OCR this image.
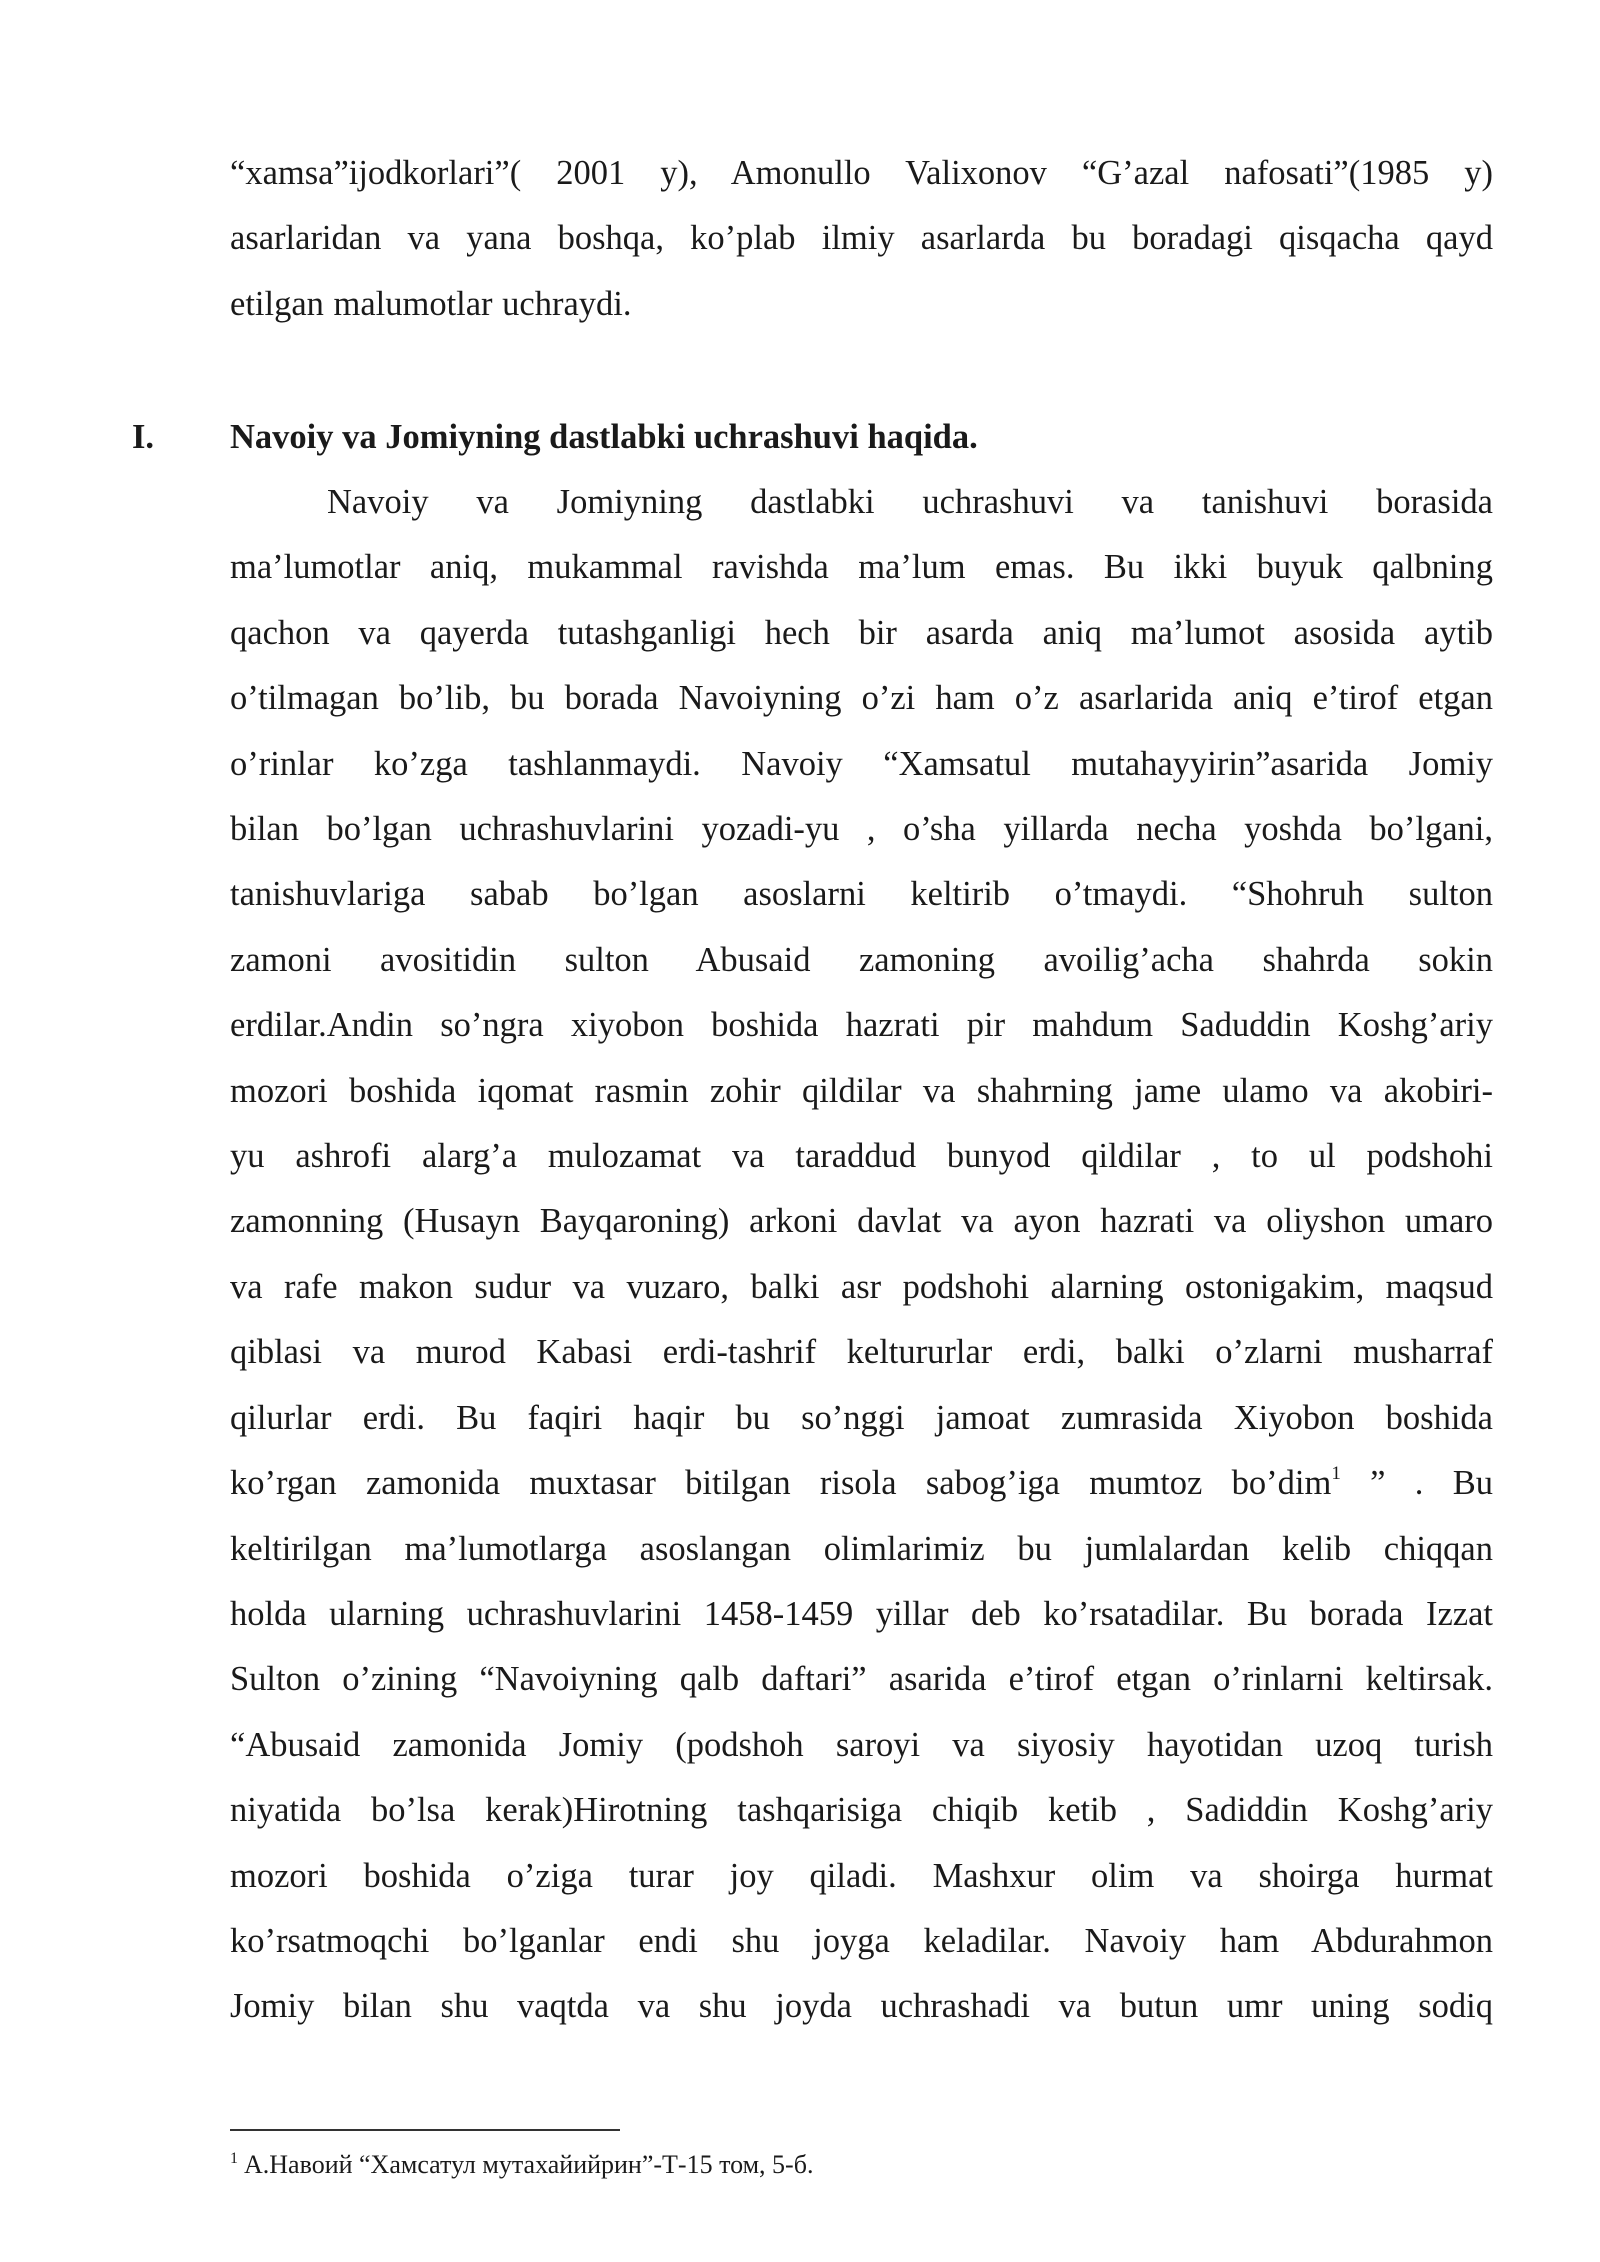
“xamsa”ijodkorlari”( 2001 y), Amonullo Valixonov “G’azal nafosati”(1985 y)
asarlaridan va yana boshqa, ko’plab ilmiy asarlarda bu boradagi qisqacha qayd
etilgan malumotlar uchraydi.
I. Navoiy va Jomiyning dastlabki uchrashuvi haqida.
Navoiy va Jomiyning dastlabki uchrashuvi va tanishuvi borasida
ma’lumotlar aniq, mukammal ravishda ma’lum emas. Bu ikki buyuk qalbning
qachon va qayerda tutashganligi hech bir asarda aniq ma’lumot asosida aytib
o’tilmagan bo’lib, bu borada Navoiyning o’zi ham o’z asarlarida aniq e’tirof etgan
o’rinlar ko’zga tashlanmaydi. Navoiy “Xamsatul mutahayyirin”asarida Jomiy
bilan bo’lgan uchrashuvlarini yozadi-yu , o’sha yillarda necha yoshda bo’lgani,
tanishuvlariga sabab bo’lgan asoslarni keltirib o’tmaydi. “Shohruh sulton
zamoni avositidin sulton Abusaid zamoning avoilig’acha shahrda sokin
erdilar.Andin so’ngra xiyobon boshida hazrati pir mahdum Saduddin Koshg’ariy
mozori boshida iqomat rasmin zohir qildilar va shahrning jame ulamo va akobiri-
yu ashrofi alarg’a mulozamat va taraddud bunyod qildilar , to ul podshohi
zamonning (Husayn Bayqaroning) arkoni davlat va ayon hazrati va oliyshon umaro
va rafe makon sudur va vuzaro, balki asr podshohi alarning ostonigakim, maqsud
qiblasi va murod Kabasi erdi-tashrif keltururlar erdi, balki o’zlarni musharraf
qilurlar erdi. Bu faqiri haqir bu so’nggi jamoat zumrasida Xiyobon boshida
ko’rgan zamonida muxtasar bitilgan risola sabog’iga mumtoz bo’dim$^1$ ” . Bu
keltirilgan ma’lumotlarga asoslangan olimlarimiz bu jumlalardan kelib chiqqan
holda ularning uchrashuvlarini 1458-1459 yillar deb ko’rsatadilar. Bu borada Izzat
Sulton o’zining “Navoiyning qalb daftari” asarida e’tirof etgan o’rinlarni keltirsak.
“Abusaid zamonida Jomiy (podshoh saroyi va siyosiy hayotidan uzoq turish
niyatida bo’lsa kerak)Hirotning tashqarisiga chiqib ketib , Sadiddin Koshg’ariy
mozori boshida o’ziga turar joy qiladi. Mashxur olim va shoirga hurmat
ko’rsatmoqchi bo’lganlar endi shu joyga keladilar. Navoiy ham Abdurahmon
Jomiy bilan shu vaqtda va shu joyda uchrashadi va butun umr uning sodiq
$^1$ А.Навоий “Хамсатул мутахайийрин”-Т-15 том, 5-б.
